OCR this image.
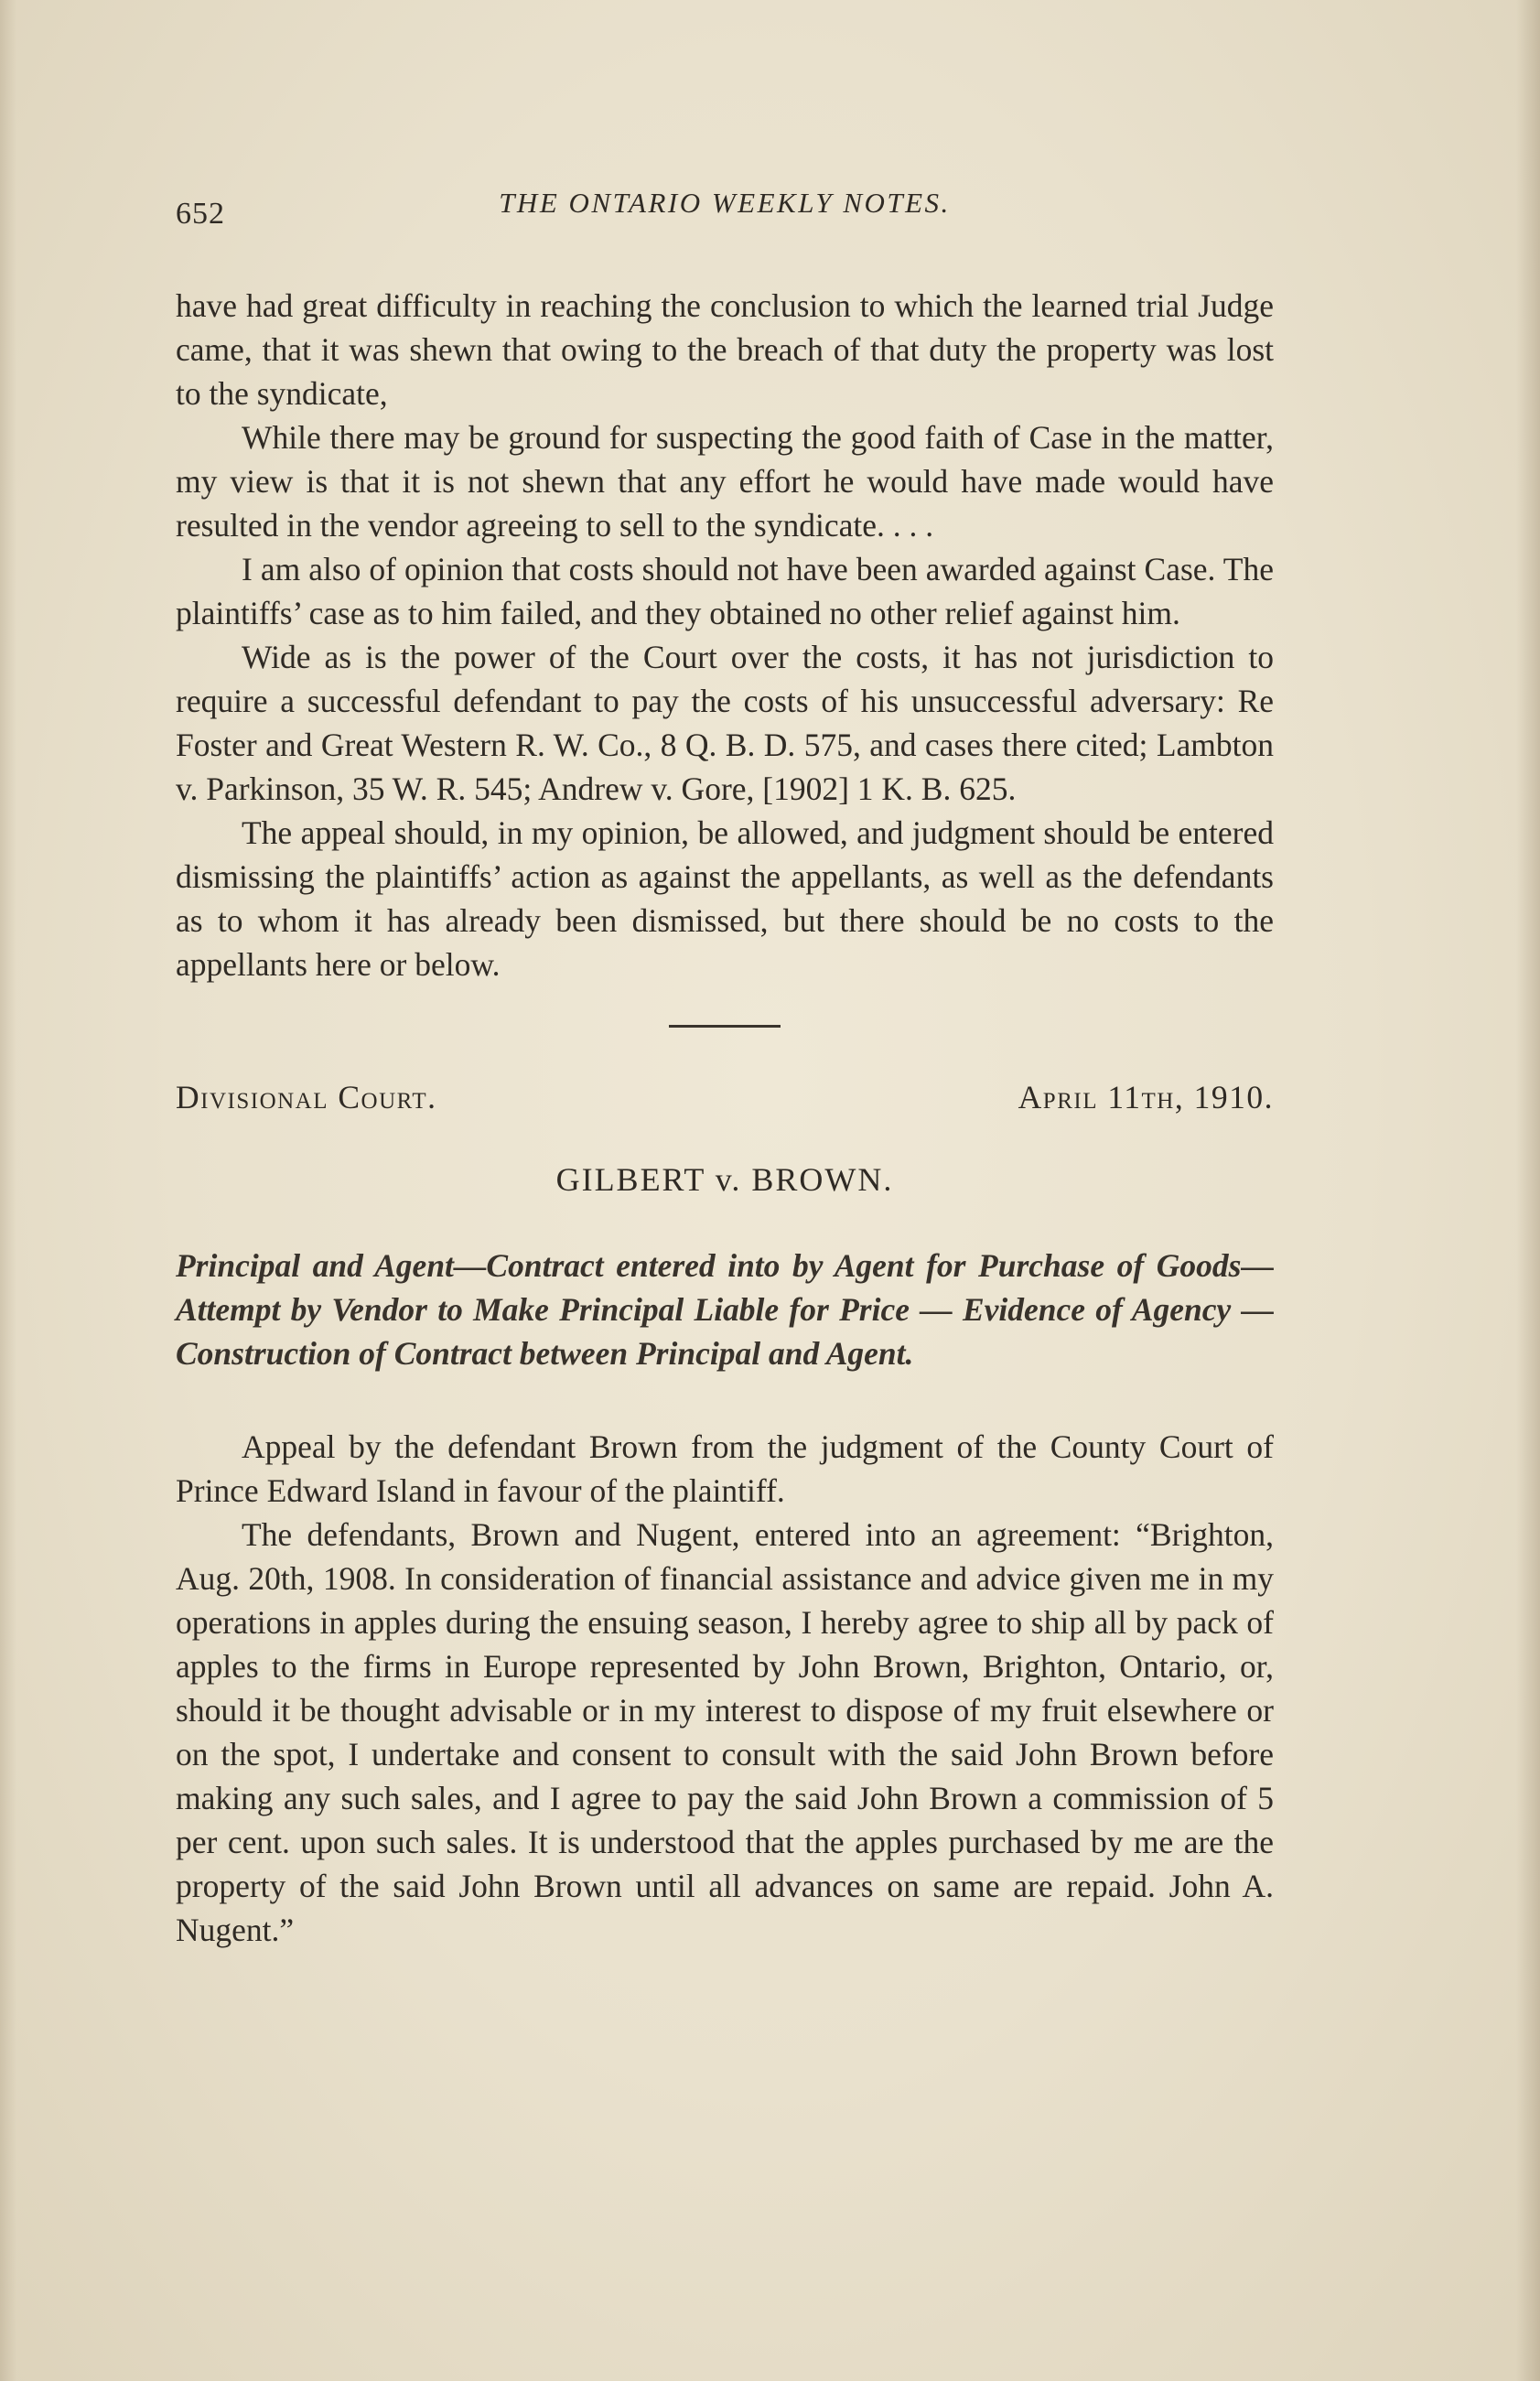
652	THE ONTARIO WEEKLY NOTES.

have had great difficulty in reaching the conclusion to which the learned trial Judge came, that it was shewn that owing to the breach of that duty the property was lost to the syndicate,

While there may be ground for suspecting the good faith of Case in the matter, my view is that it is not shewn that any effort he would have made would have resulted in the vendor agreeing to sell to the syndicate. . . .

I am also of opinion that costs should not have been awarded against Case. The plaintiffs’ case as to him failed, and they obtained no other relief against him.

Wide as is the power of the Court over the costs, it has not jurisdiction to require a successful defendant to pay the costs of his unsuccessful adversary: Re Foster and Great Western R. W. Co., 8 Q. B. D. 575, and cases there cited; Lambton v. Parkinson, 35 W. R. 545; Andrew v. Gore, [1902] 1 K. B. 625.

The appeal should, in my opinion, be allowed, and judgment should be entered dismissing the plaintiffs’ action as against the appellants, as well as the defendants as to whom it has already been dismissed, but there should be no costs to the appellants here or below.

Divisional Court.	April 11th, 1910.
GILBERT v. BROWN.
Principal and Agent—Contract entered into by Agent for Purchase of Goods—Attempt by Vendor to Make Principal Liable for Price — Evidence of Agency — Construction of Contract between Principal and Agent.

Appeal by the defendant Brown from the judgment of the County Court of Prince Edward Island in favour of the plaintiff.

The defendants, Brown and Nugent, entered into an agreement: “Brighton, Aug. 20th, 1908. In consideration of financial assistance and advice given me in my operations in apples during the ensuing season, I hereby agree to ship all by pack of apples to the firms in Europe represented by John Brown, Brighton, Ontario, or, should it be thought advisable or in my interest to dispose of my fruit elsewhere or on the spot, I undertake and consent to consult with the said John Brown before making any such sales, and I agree to pay the said John Brown a commission of 5 per cent. upon such sales. It is understood that the apples purchased by me are the property of the said John Brown until all advances on same are repaid. John A. Nugent.”
